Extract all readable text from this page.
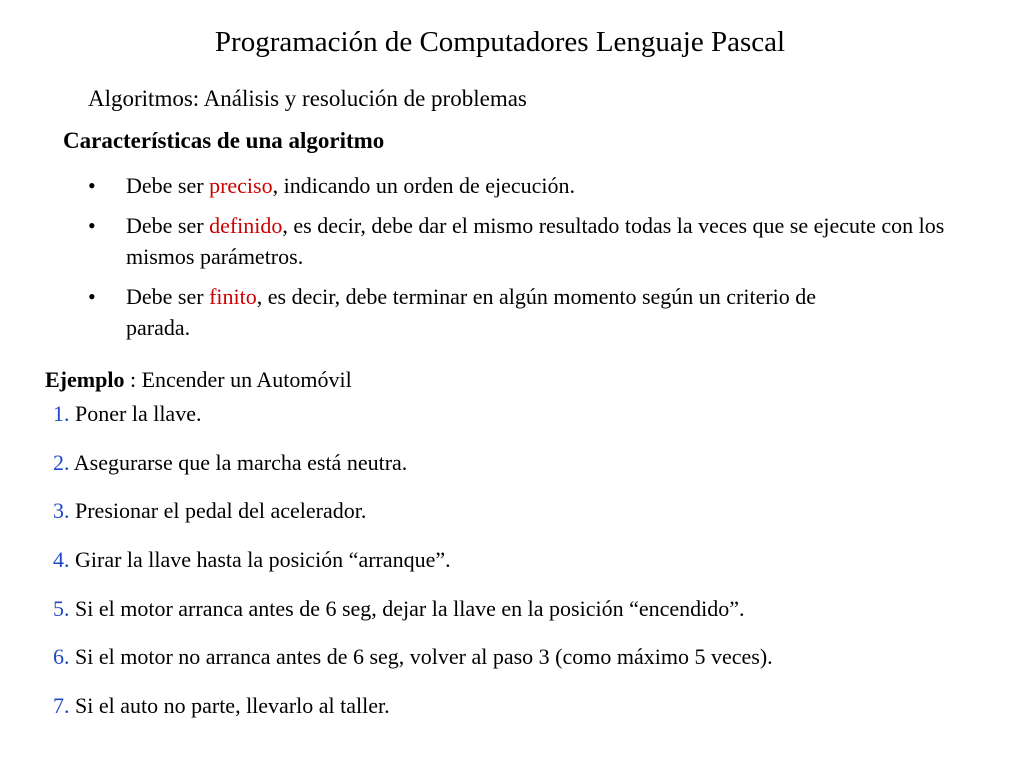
Programación de Computadores Lenguaje Pascal
Algoritmos: Análisis y resolución de problemas
Características de una algoritmo
• Debe ser preciso, indicando un orden de ejecución.
• Debe ser definido, es decir, debe dar el mismo resultado todas la veces que se ejecute con los mismos parámetros.
• Debe ser finito, es decir, debe terminar en algún momento según un criterio de parada.
Ejemplo : Encender un Automóvil
1. Poner la llave.
2. Asegurarse que la marcha está neutra.
3. Presionar el pedal del acelerador.
4. Girar la llave hasta la posición “arranque”.
5. Si el motor arranca antes de 6 seg, dejar la llave en la posición “encendido”.
6. Si el motor no arranca antes de 6 seg, volver al paso 3 (como máximo 5 veces).
7. Si el auto no parte, llevarlo al taller.
